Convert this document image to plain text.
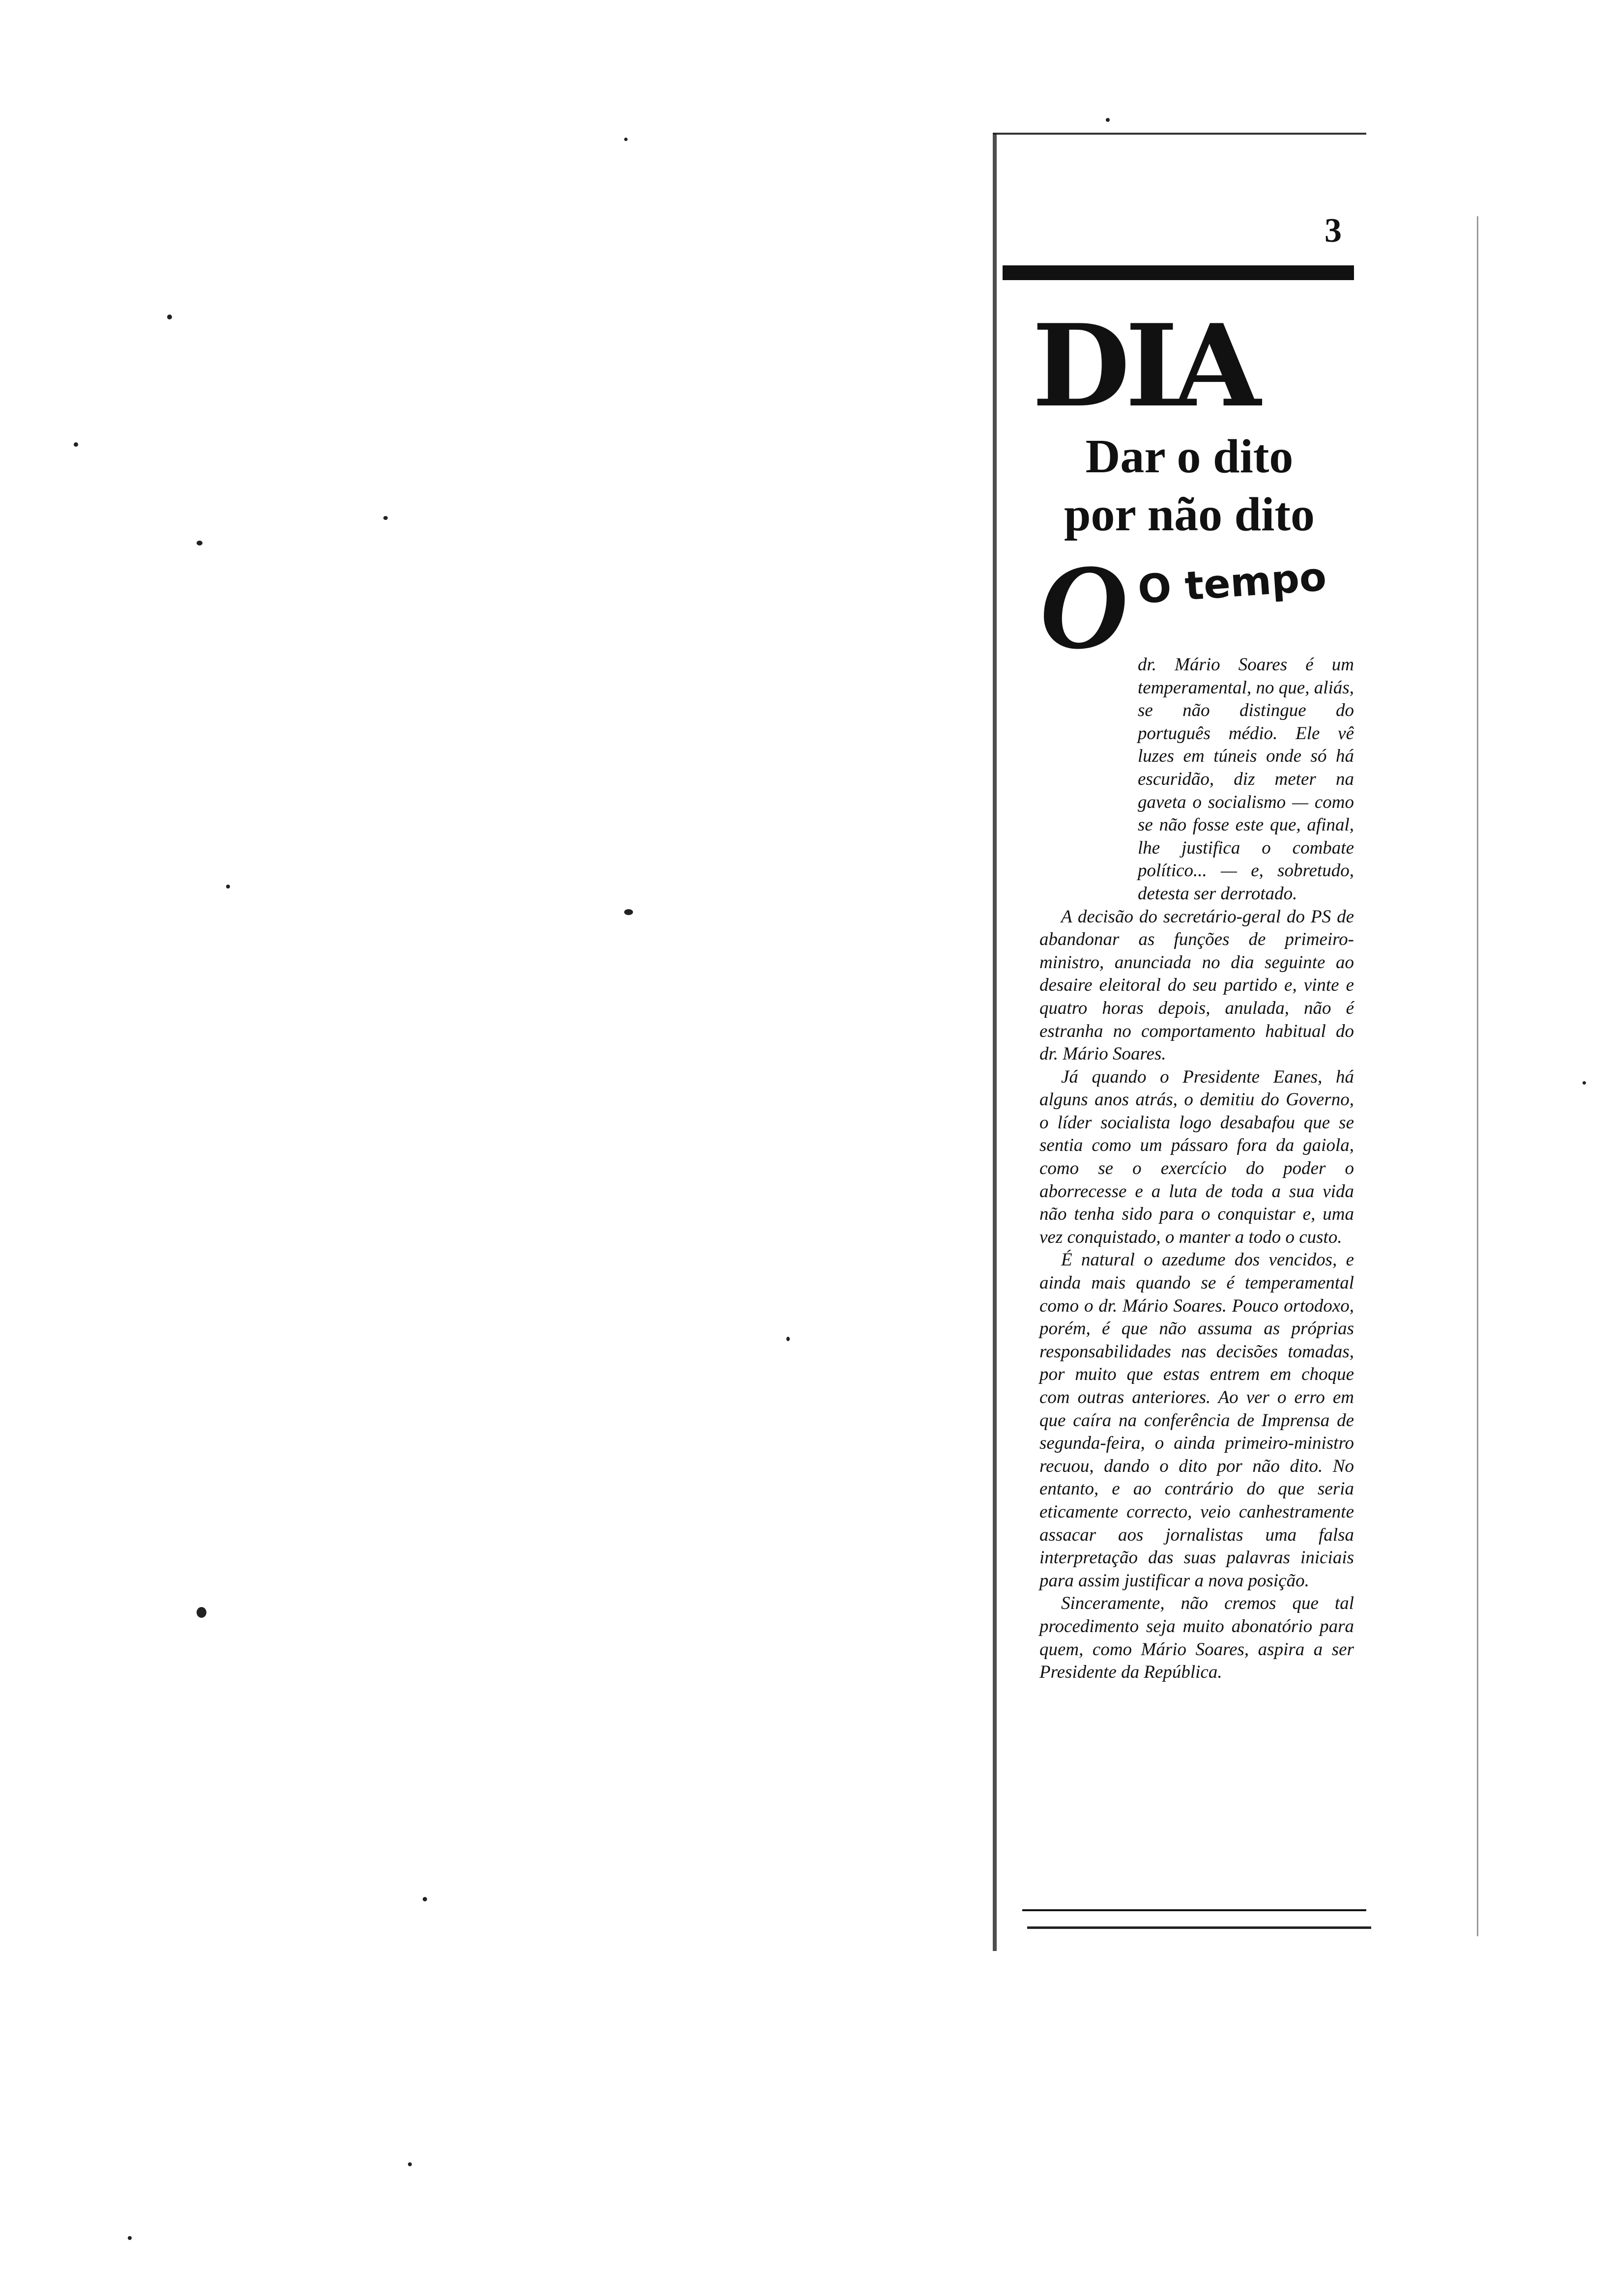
3
DIA
Dar o dito
por não dito
O O tempo

dr. Mário Soares é um temperamental, no que, aliás, se não distingue do português médio. Ele vê luzes em túneis onde só há escuridão, diz meter na gaveta o socialismo — como se não fosse este que, afinal, lhe justifica o combate político... — e, sobretudo, detesta ser derrotado.

A decisão do secretário-geral do PS de abandonar as funções de primeiro-ministro, anunciada no dia seguinte ao desaire eleitoral do seu partido e, vinte e quatro horas depois, anulada, não é estranha no comportamento habitual do dr. Mário Soares.

Já quando o Presidente Eanes, há alguns anos atrás, o demitiu do Governo, o líder socialista logo desabafou que se sentia como um pássaro fora da gaiola, como se o exercício do poder o aborrecesse e a luta de toda a sua vida não tenha sido para o conquistar e, uma vez conquistado, o manter a todo o custo.

É natural o azedume dos vencidos, e ainda mais quando se é temperamental como o dr. Mário Soares. Pouco ortodoxo, porém, é que não assuma as próprias responsabilidades nas decisões tomadas, por muito que estas entrem em choque com outras anteriores. Ao ver o erro em que caíra na conferência de Imprensa de segunda-feira, o ainda primeiro-ministro recuou, dando o dito por não dito. No entanto, e ao contrário do que seria eticamente correcto, veio canhestramente assacar aos jornalistas uma falsa interpretação das suas palavras iniciais para assim justificar a nova posição.

Sinceramente, não cremos que tal procedimento seja muito abonatório para quem, como Mário Soares, aspira a ser Presidente da República.
